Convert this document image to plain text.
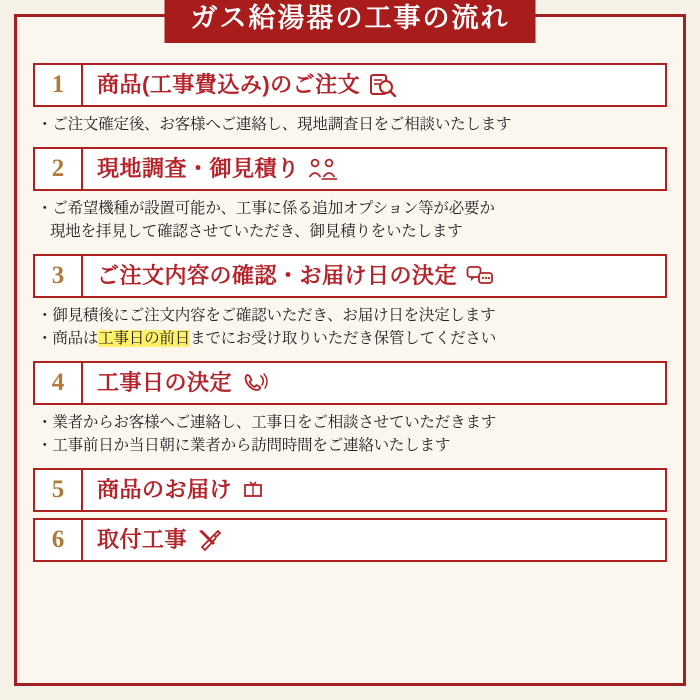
ガス給湯器の工事の流れ
1	商品(工事費込み)のご注文
・ご注文確定後、お客様へご連絡し、現地調査日をご相談いたします
2	現地調査・御見積り
・ご希望機種が設置可能か、工事に係る追加オプション等が必要か
現地を拝見して確認させていただき、御見積りをいたします
3	ご注文内容の確認・お届け日の決定
・御見積後にご注文内容をご確認いただき、お届け日を決定します
・商品は工事日の前日までにお受け取りいただき保管してください
4	工事日の決定
・業者からお客様へご連絡し、工事日をご相談させていただきます
・工事前日か当日朝に業者から訪問時間をご連絡いたします
5	商品のお届け
6	取付工事
